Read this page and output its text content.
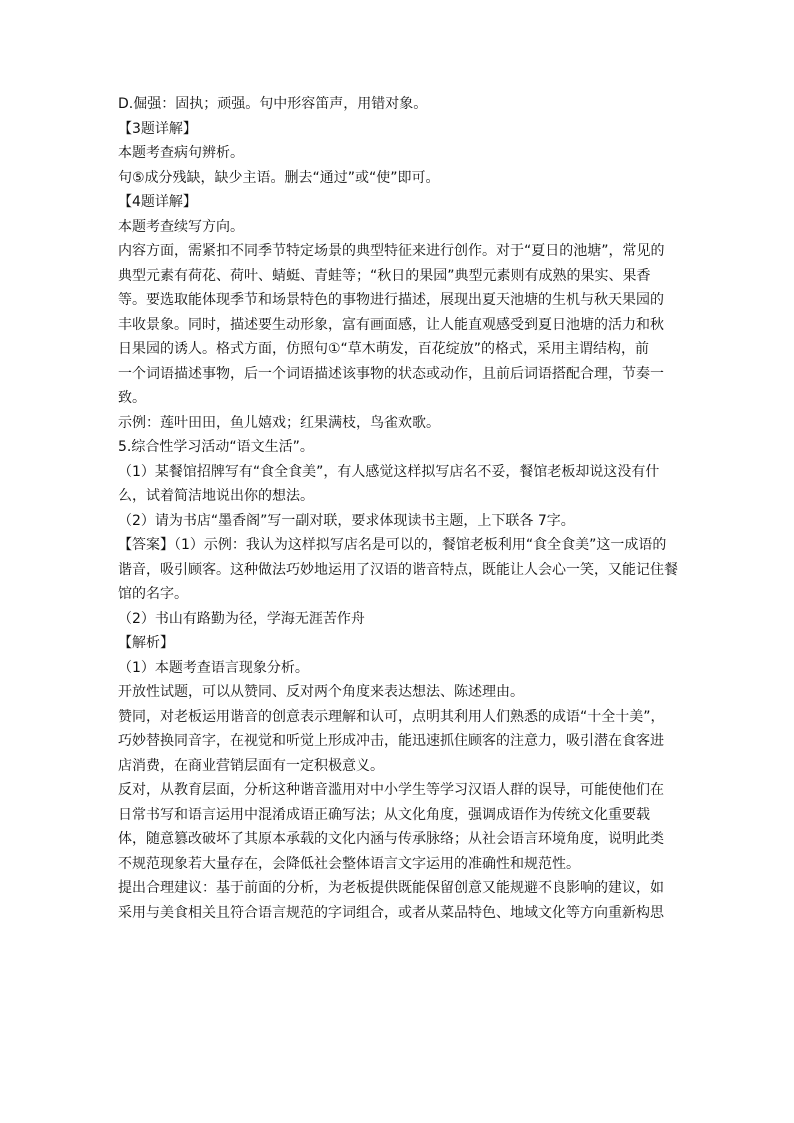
D.倔强：固执；顽强。句中形容笛声，用错对象。
【3题详解】
本题考查病句辨析。
句⑤成分残缺，缺少主语。删去“通过”或“使”即可。
【4题详解】
本题考查续写方向。
内容方面，需紧扣不同季节特定场景的典型特征来进行创作。对于“夏日的池塘”，常见的
典型元素有荷花、荷叶、蜻蜓、青蛙等；“秋日的果园”典型元素则有成熟的果实、果香
等。要选取能体现季节和场景特色的事物进行描述，展现出夏天池塘的生机与秋天果园的
丰收景象。同时，描述要生动形象，富有画面感，让人能直观感受到夏日池塘的活力和秋
日果园的诱人。格式方面，仿照句①“草木萌发，百花绽放”的格式，采用主谓结构，前
一个词语描述事物，后一个词语描述该事物的状态或动作，且前后词语搭配合理，节奏一
致。
示例：莲叶田田，鱼儿嬉戏；红果满枝，鸟雀欢歌。
5.综合性学习活动“语文生活”。
（1）某餐馆招牌写有“食全食美”，有人感觉这样拟写店名不妥，餐馆老板却说这没有什
么，试着简洁地说出你的想法。
（2）请为书店“墨香阁”写一副对联，要求体现读书主题，上下联各 7字。
【答案】（1）示例：我认为这样拟写店名是可以的，餐馆老板利用“食全食美”这一成语的
谐音，吸引顾客。这种做法巧妙地运用了汉语的谐音特点，既能让人会心一笑，又能记住餐
馆的名字。
（2）书山有路勤为径，学海无涯苦作舟
【解析】
（1）本题考查语言现象分析。
开放性试题，可以从赞同、反对两个角度来表达想法、陈述理由。
赞同，对老板运用谐音的创意表示理解和认可，点明其利用人们熟悉的成语“十全十美”，
巧妙替换同音字，在视觉和听觉上形成冲击，能迅速抓住顾客的注意力，吸引潜在食客进
店消费，在商业营销层面有一定积极意义。
反对，从教育层面，分析这种谐音滥用对中小学生等学习汉语人群的误导，可能使他们在
日常书写和语言运用中混淆成语正确写法；从文化角度，强调成语作为传统文化重要载
体，随意篡改破坏了其原本承载的文化内涵与传承脉络；从社会语言环境角度，说明此类
不规范现象若大量存在，会降低社会整体语言文字运用的准确性和规范性。
提出合理建议：基于前面的分析，为老板提供既能保留创意又能规避不良影响的建议，如
采用与美食相关且符合语言规范的字词组合，或者从菜品特色、地域文化等方向重新构思
